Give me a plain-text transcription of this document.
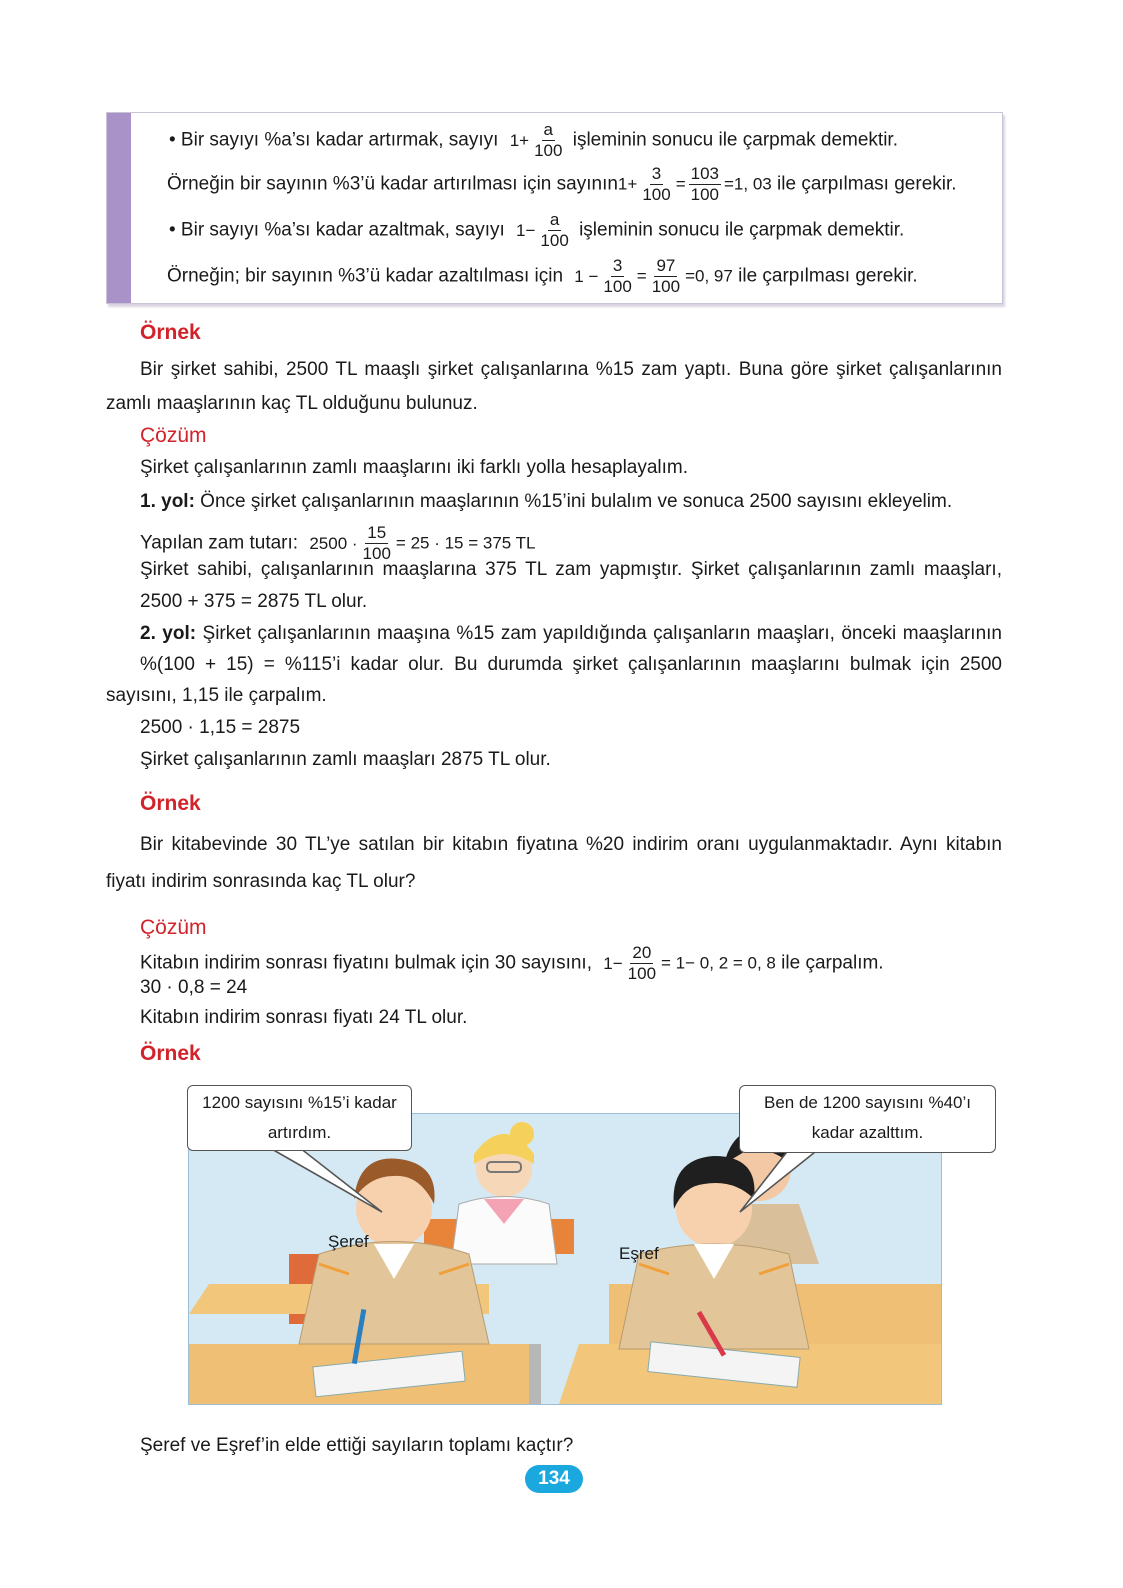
• Bir sayıyı %a’sı kadar artırmak, sayıyı $1+ \frac{a}{100}$ işleminin sonucu ile çarpmak demektir.
Örneğin bir sayının %3’ü kadar artırılması için sayının1+ $\frac{3}{100} = \frac{103}{100} =1$, 03 ile çarpılması gerekir.
• Bir sayıyı %a’sı kadar azaltmak, sayıyı $1- \frac{a}{100}$ işleminin sonucu ile çarpmak demektir.
Örneğin; bir sayının %3’ü kadar azaltılması için $1 - \frac{3}{100} = \frac{97}{100} =0$, 97 ile çarpılması gerekir.
Örnek
Bir şirket sahibi, 2500 TL maaşlı şirket çalışanlarına %15 zam yaptı. Buna göre şirket çalışanlarının
zamlı maaşlarının kaç TL olduğunu bulunuz.
Çözüm
Şirket çalışanlarının zamlı maaşlarını iki farklı yolla hesaplayalım.
1. yol: Önce şirket çalışanlarının maaşlarının %15’ini bulalım ve sonuca 2500 sayısını ekleyelim.
Yapılan zam tutarı: $2500 \cdot \frac{15}{100} = 25 \cdot 15 = 375$ TL
Şirket sahibi, çalışanlarının maaşlarına 375 TL zam yapmıştır. Şirket çalışanlarının zamlı maaşları,
2500 + 375 = 2875 TL olur.
2. yol: Şirket çalışanlarının maaşına %15 zam yapıldığında çalışanların maaşları, önceki maaşlarının
%(100 + 15) = %115’i kadar olur. Bu durumda şirket çalışanlarının maaşlarını bulmak için 2500
sayısını, 1,15 ile çarpalım.
2500 · 1,15 = 2875
Şirket çalışanlarının zamlı maaşları 2875 TL olur.
Örnek
Bir kitabevinde 30 TL’ye satılan bir kitabın fiyatına %20 indirim oranı uygulanmaktadır. Aynı kitabın
fiyatı indirim sonrasında kaç TL olur?
Çözüm
Kitabın indirim sonrası fiyatını bulmak için 30 sayısını, $1- \frac{20}{100} = 1- 0$, 2 = 0, 8 ile çarpalım.
30 · 0,8 = 24
Kitabın indirim sonrası fiyatı 24 TL olur.
Örnek
Şeref
Eşref
1200 sayısını %15’i kadar
artırdım.
Ben de 1200 sayısını %40’ı
kadar azalttım.
Şeref ve Eşref’in elde ettiği sayıların toplamı kaçtır?
134
